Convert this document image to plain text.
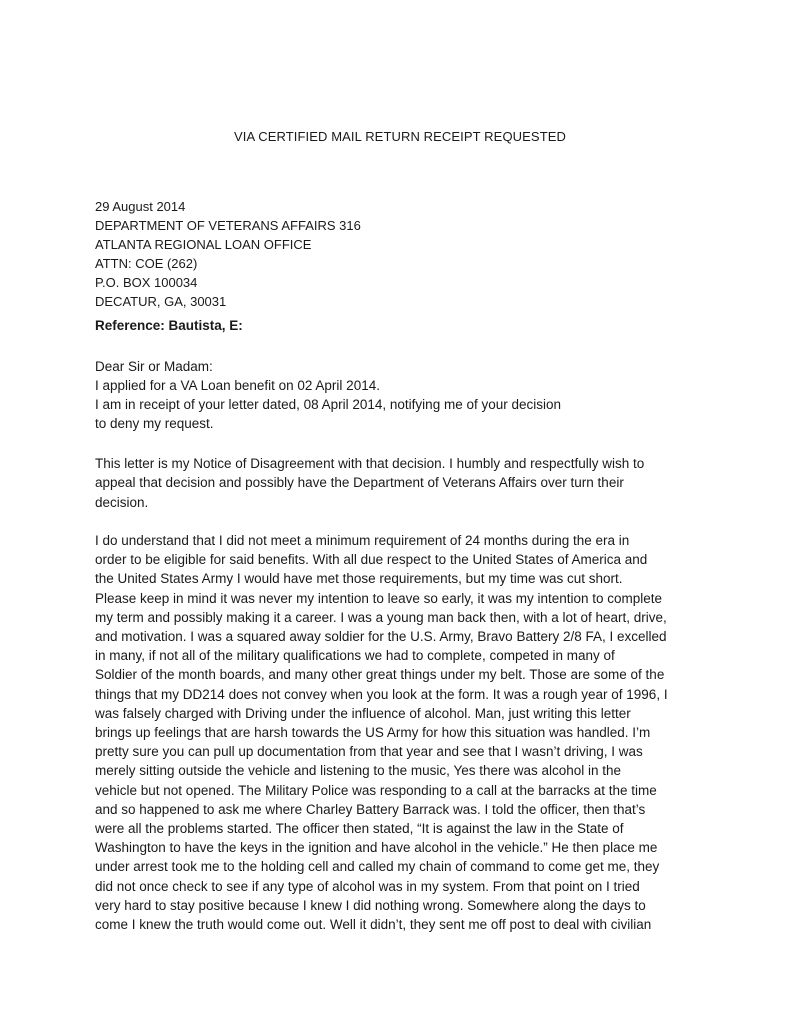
VIA CERTIFIED MAIL RETURN RECEIPT REQUESTED
29 August 2014
DEPARTMENT OF VETERANS AFFAIRS 316
ATLANTA REGIONAL LOAN OFFICE
ATTN: COE (262)
P.O. BOX 100034
DECATUR, GA, 30031
Reference: Bautista, E:
Dear Sir or Madam:
I applied for a VA Loan benefit on 02 April 2014.
I am in receipt of your letter dated, 08 April 2014, notifying me of your decision
to deny my request.
This letter is my Notice of Disagreement with that decision. I humbly and respectfully wish to
appeal that decision and possibly have the Department of Veterans Affairs over turn their
decision.
I do understand that I did not meet a minimum requirement of 24 months during the era in
order to be eligible for said benefits. With all due respect to the United States of America and
the United States Army I would have met those requirements, but my time was cut short.
Please keep in mind it was never my intention to leave so early, it was my intention to complete
my term and possibly making it a career. I was a young man back then, with a lot of heart, drive,
and motivation. I was a squared away soldier for the U.S. Army, Bravo Battery 2/8 FA, I excelled
in many, if not all of the military qualifications we had to complete, competed in many of
Soldier of the month boards, and many other great things under my belt. Those are some of the
things that my DD214 does not convey when you look at the form. It was a rough year of 1996, I
was falsely charged with Driving under the influence of alcohol. Man, just writing this letter
brings up feelings that are harsh towards the US Army for how this situation was handled. I’m
pretty sure you can pull up documentation from that year and see that I wasn’t driving, I was
merely sitting outside the vehicle and listening to the music, Yes there was alcohol in the
vehicle but not opened. The Military Police was responding to a call at the barracks at the time
and so happened to ask me where Charley Battery Barrack was. I told the officer, then that’s
were all the problems started. The officer then stated, “It is against the law in the State of
Washington to have the keys in the ignition and have alcohol in the vehicle.” He then place me
under arrest took me to the holding cell and called my chain of command to come get me, they
did not once check to see if any type of alcohol was in my system. From that point on I tried
very hard to stay positive because I knew I did nothing wrong. Somewhere along the days to
come I knew the truth would come out. Well it didn’t, they sent me off post to deal with civilian
